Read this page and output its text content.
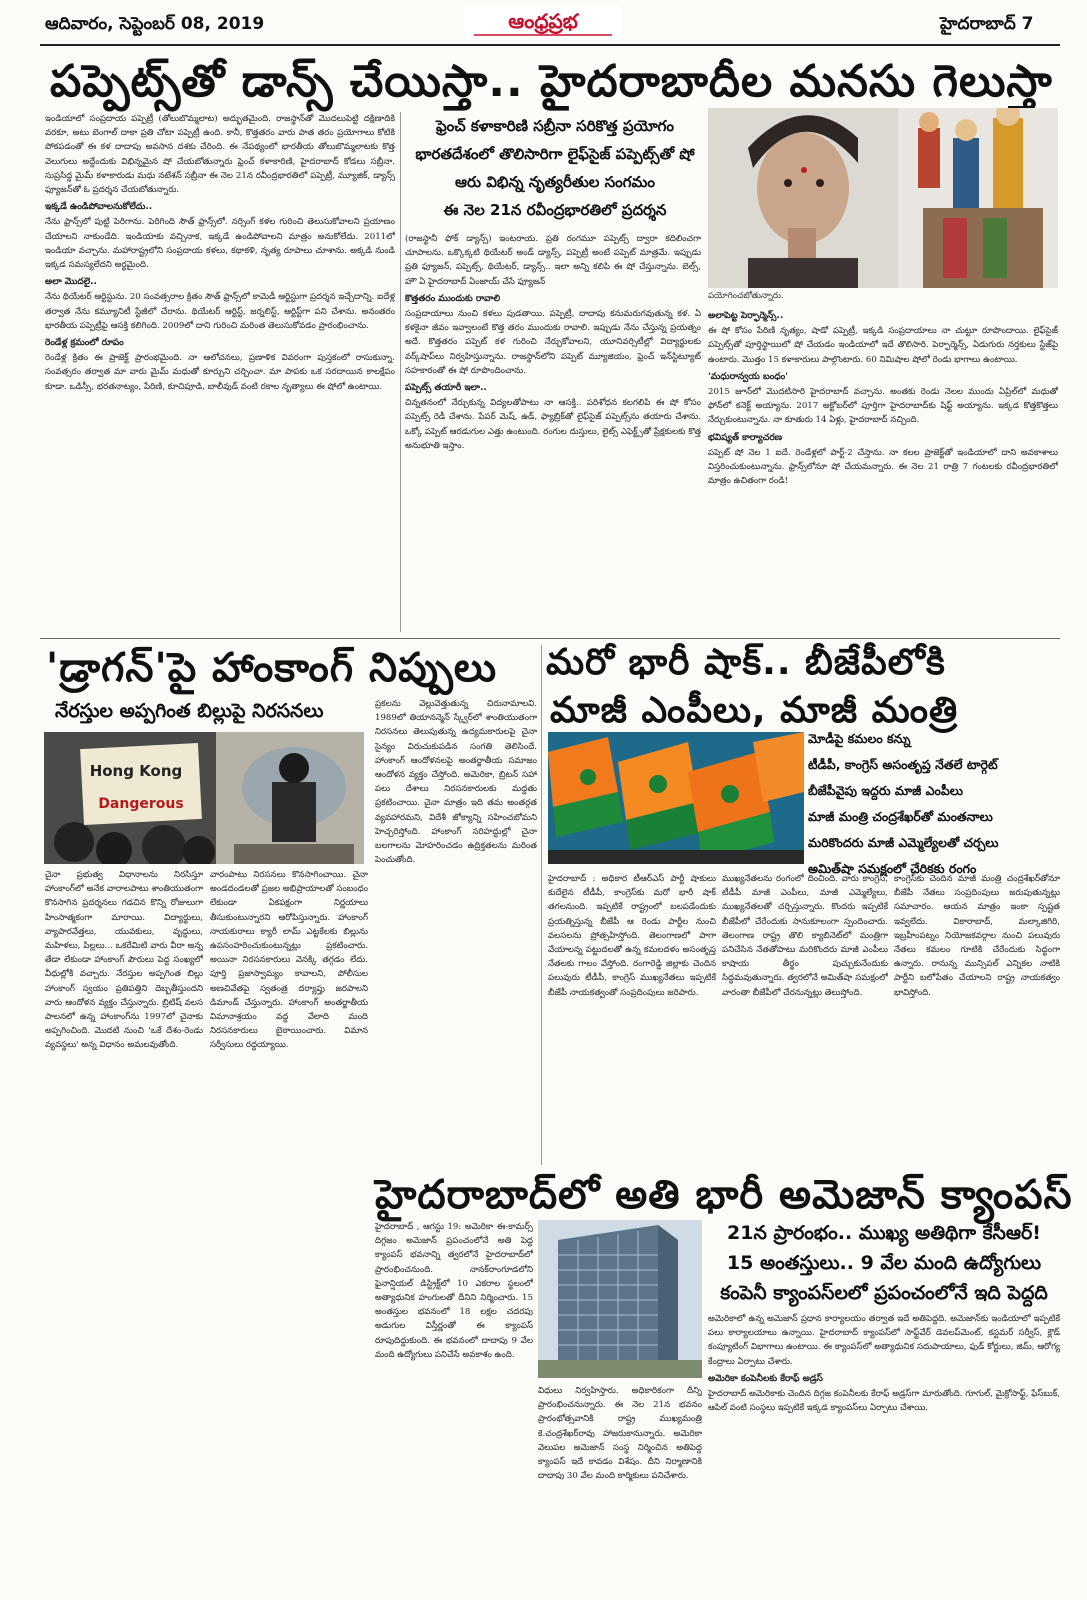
ఆదివారం, సెప్టెంబర్ 08, 2019	ఆంధ్రప్రభ	హైదరాబాద్ 7
పప్పెట్స్‌తో డాన్స్ చేయిస్తా.. హైదరాబాదీల మనసు గెలుస్తా
ఇండియాలో సంప్రదాయ పప్పెట్రీ (తోలుబొమ్మలాట) అద్భుతమైంది. రాజస్థాన్‌తో మొదలుపెట్టి దక్షిణాదికి వరకూ, అటు బెంగాల్ దాకా ప్రతి చోటా పప్పెట్రీ ఉంది. కానీ, కొత్తతరం వారు పాత తరం ప్రయోగాలు కోటికి పోకపడంతో ఈ కళ దాదాపు అవసాన దశకు చేరింది. ఈ నేపథ్యంలో భారతీయ తోలుబొమ్మలాటకు కొత్త వెలుగులు అద్దేందుకు విభిన్నమైన షో చేయబోతున్నారు ఫ్రెంచ్ కళాకారిణి, హైదరాబాద్ కోడలు సబ్రీనా. సుప్రసిద్ధ మైమ్ కళాకారుడు మధు నటేశన్ సబ్రీనా ఈ నెల 21న రవీంద్రభారతిలో పప్పెట్రీ, మ్యూజిక్, డ్యాన్స్ ఫ్యూజన్‌తో ఓ ప్రదర్శన చేయబోతున్నారు.
ఇక్కడే ఉండిపోవాలనుకోలేదు..
నేను ఫ్రాన్స్‌లో పుట్టి పెరిగాను. పెరిగింది సౌత్ ఫ్రాన్స్‌లో. నర్సింగ్ కళల గురించి తెలుసుకోవాలని ప్రయాణం చేయాలని నాకుండేది. ఇండియాకు వచ్చినాక, ఇక్కడే ఉండిపోవాలని మాత్రం అనుకోలేదు. 2011లో ఇండియా వచ్చాను. మహారాష్ట్రలోని సంప్రదాయ కళలు, కథాకళి, నృత్య రూపాలు చూశాను. అక్కడి నుండి ఇక్కడ సమస్యలేదని అర్థమైంది.
అలా మొదలై..
నేను థియేటర్ ఆర్టిస్టును. 20 సంవత్సరాల క్రితం సౌత్ ఫ్రాన్స్‌లో కామెడీ ఆర్టిస్టుగా ప్రదర్శన ఇచ్చేదాన్ని. ఐదేళ్ల తర్వాత నేను కమ్యూనిటీ స్టేజీలో చేరాను. థియేటర్ ఆర్టిస్ట్, జర్నలిస్ట్, ఆర్టిస్ట్‌గా పని చేశాను. అనంతరం భారతీయ పప్పెట్రీపై ఆసక్తి కలిగింది. 2009లో దాని గురించి మరింత తెలుసుకోవడం ప్రారంభించాను.
రెండేళ్ల క్రమంలో రూపం
రెండేళ్ల క్రితం ఈ ప్రాజెక్ట్ ప్రారంభమైంది. నా ఆలోచనలు, ప్రణాళిక వివరంగా పుస్తకంలో రాసుకున్నా. సంవత్సరం తర్వాత మా వారు మైమ్ మధుతో కూర్చుని చర్చించా. మా పాపకు ఒక సరదాయిన కాలక్షేపం కూడా. ఒడిస్సీ, భరతనాట్యం, పేరిణి, కూచిపూడి, బాలీవుడ్ వంటి రకాల నృత్యాలు ఈ షోలో ఉంటాయి.
ఫ్రెంచ్ కళాకారిణి సబ్రీనా సరికొత్త ప్రయోగం
భారతదేశంలో తొలిసారిగా లైఫ్‌సైజ్ పప్పెట్స్‌తో షో
ఆరు విభిన్న నృత్యరీతుల సంగమం
ఈ నెల 21న రవీంద్రభారతిలో ప్రదర్శన
(రాజస్థానీ ఫోక్ డ్యాన్స్) ఇంటరాయ. ప్రతి రంగమూ పప్పెట్స్ ద్వారా కదిలించగా చూపాలను. ఒక్కొక్కటి థియేటర్ అండ్ డ్యాన్స్, పప్పెట్రీ అంటే పప్పెట్ మాత్రమే. ఇప్పుడు ప్రతి ఫ్యూజన్, పప్పెట్స్, థియేటర్, డ్యాన్స్.. ఇలా అన్ని కలిపి ఈ షో చేస్తున్నాను. బెల్స్, హౌ ఏ హైదరాబాద్ ఏంజాయ్ చేసే ఫ్యూజన్
కొత్తతరం ముందుకు రావాలి
సంప్రదాయాలు నుంచి కళలు పుడతాయి. పప్పెట్రీ, దాదాపు కనుమరుగవుతున్న కళ. ఏ కళకైనా జీవం ఇవ్వాలంటే కొత్త తరం ముందుకు రావాలి. ఇప్పుడు నేను చేస్తున్న ప్రయత్నం అదే. కొత్తతరం పప్పెట్‌ కళ గురించి నేర్చుకోవాలని, యూనివర్సిటీల్లో విద్యార్థులకు వర్క్‌షాప్‌లు నిర్వహిస్తున్నాను. రాజస్థాన్‌లోని పప్పెట్ మ్యూజియం, ఫ్రెంచ్ ఇన్‌స్టిట్యూట్ సహకారంతో ఈ షో రూపొందించాను.
పప్పెట్స్ తయారీ ఇలా..
చిన్నతనంలో నేర్చుకున్న విద్యలతోపాటు నా ఆసక్తి.. పరిశోధన కలగలిపి ఈ షో కోసం పప్పెట్స్ రెడీ చేశాను. పేపర్ మెష్, ఉడ్, ఫ్యాబ్రిక్‌తో లైఫ్‌సైజ్ పప్పెట్స్‌ను తయారు చేశాను. ఒక్కో పప్పెట్ ఆరడుగుల ఎత్తు ఉంటుంది. రంగుల దుస్తులు, లైట్స్ ఎఫెక్ట్స్‌తో ప్రేక్షకులకు కొత్త అనుభూతి ఇస్తాం.
పయోగించబోతున్నారు.
అలాపెట్ట పెర్ఫార్మెన్స్..
ఈ షో కోసం పేరిణి నృత్యం, షాడో పప్పెట్రీ, ఇక్కడి సంప్రదాయాలు నా చుట్టూ రూపొందాయి. లైఫ్‌సైజ్ పప్పెట్స్‌తో పూర్తిస్థాయిలో షో చేయడం ఇండియాలో ఇదే తొలిసారి. పెర్ఫార్మెన్స్, ఏడుగురు నర్తకులు స్టేజ్‌పై ఉంటారు. మొత్తం 15 కళాకారులు పాల్గొంటారు. 60 నిమిషాల షోలో రెండు భాగాలు ఉంటాయి.
'మధురాన్వయ బంధం'
2015 జూన్‌లో మొదటిసారి హైదరాబాద్ వచ్చాను. అంతకు రెండు నెలల ముందు ఏప్రిల్‌లో మధుతో ఫోన్‌లో కనెక్ట్ అయ్యాను. 2017 అక్టోబర్‌లో పూర్తిగా హైదరాబాద్‌కు షిఫ్ట్ అయ్యాను. ఇక్కడ కొత్తకొత్తలు నేర్చుకుంటున్నాను. నా కూతురు 14 ఏళ్లు, హైదరాబాద్ నచ్చింది.
భవిష్యత్ కార్యాచరణ
పప్పెట్ షో నెల 1 ఐదే. రెండేళ్లలో పార్ట్-2 చేస్తాను. నా కలల ప్రాజెక్ట్‌తో ఇండియాలో దాని అవకాశాలు విస్తరించుకుంటున్నాను. ఫ్రాన్స్‌లోనూ షో చేయమన్నారు. ఈ నెల 21 రాత్రి 7 గంటలకు రవీంద్రభారతిలో మాత్రం ఉచితంగా రండి!
'డ్రాగన్'పై హాంకాంగ్ నిప్పులు
నేరస్తుల అప్పగింత బిల్లుపై నిరసనలు
Hong Kong
Dangerous
చైనా ప్రభుత్వ విధానాలను నిరసిస్తూ హాంకాంగ్‌లో అనేక వారాలపాటు శాంతియుతంగా కొనసాగిన ప్రదర్శనలు గడచిన కొన్ని రోజులుగా హింసాత్మకంగా మారాయి. విద్యార్థులు, వ్యాపారవేత్తలు, యువకులు, వృద్ధులు, మహిళలు, పిల్లలు... ఒకరేమిటి వారు వీరా అన్న తేడా లేకుండా హాంకాంగ్ పౌరులు పెద్ద సంఖ్యలో వీధుల్లోకి వచ్చారు. నేరస్తుల అప్పగింత బిల్లు హాంకాంగ్ స్వయం ప్రతిపత్తిని దెబ్బతీస్తుందని వారు ఆందోళన వ్యక్తం చేస్తున్నారు. బ్రిటిష్ వలస పాలనలో ఉన్న హాంకాంగ్‌ను 1997లో చైనాకు అప్పగించింది. మొదటి నుంచి 'ఒకే దేశం-రెండు వ్యవస్థలు' అన్న విధానం అమలవుతోంది.
వారంపాటు నిరసనలు కొనసాగించాయి. చైనా అండదండలతో ప్రజల అభిప్రాయాలతో సంబంధం లేకుండా ఏకపక్షంగా నిర్ణయాలు తీసుకుంటున్నారని ఆరోపిస్తున్నారు. హాంకాంగ్ నాయకురాలు క్యారీ లామ్ ఎట్టకేలకు బిల్లును ఉపసంహరించుకుంటున్నట్లు ప్రకటించారు. అయినా నిరసనకారులు వెనక్కి తగ్గడం లేదు. పూర్తి ప్రజాస్వామ్యం కావాలని, పోలీసుల అణచివేతపై స్వతంత్ర దర్యాప్తు జరపాలని డిమాండ్ చేస్తున్నారు. హాంకాంగ్ అంతర్జాతీయ విమానాశ్రయం వద్ద వేలాది మంది నిరసనకారులు బైఠాయించారు. విమాన సర్వీసులు రద్దయ్యాయి.
ప్రకలను వెల్లువెత్తుతున్న చిరునామాలవి. 1989లో తియానన్మెన్ స్క్వేర్‌లో శాంతియుతంగా నిరసనలు తెలుపుతున్న ఉద్యమకారులపై చైనా సైన్యం విరుచుకుపడిన సంగతి తెలిసిందే. హాంకాంగ్ ఆందోళనలపై అంతర్జాతీయ సమాజం ఆందోళన వ్యక్తం చేస్తోంది. అమెరికా, బ్రిటన్ సహా పలు దేశాలు నిరసనకారులకు మద్దతు ప్రకటించాయి. చైనా మాత్రం ఇది తమ అంతర్గత వ్యవహారమని, విదేశీ జోక్యాన్ని సహించబోమని హెచ్చరిస్తోంది. హాంకాంగ్ సరిహద్దుల్లో చైనా బలగాలను మోహరించడం ఉద్రిక్తతలను మరింత పెంచుతోంది.
మరో భారీ షాక్.. బీజేపీలోకి
మాజీ ఎంపీలు, మాజీ మంత్రి
మోడీపై కమలం కన్ను
టీడీపీ, కాంగ్రెస్ అసంతృప్త నేతలే టార్గెట్
బీజేపీవైపు ఇద్దరు మాజీ ఎంపీలు
మాజీ మంత్రి చంద్రశేఖర్‌తో మంతనాలు
మరికొందరు మాజీ ఎమ్మెల్యేలతో చర్చలు
అమిత్‌షా సమక్షంలో చేరికకు రంగం
హైదరాబాద్ : అధికార టీఆర్ఎస్ పార్టీ షాకులు కుదేలైన టీడీపీ, కాంగ్రెస్‌కు మరో భారీ షాక్ తగలనుంది. ఇప్పటికే రాష్ట్రంలో బలపడేందుకు ప్రయత్నిస్తున్న బీజేపీ ఆ రెండు పార్టీల నుంచి వలసలను ప్రోత్సహిస్తోంది. తెలంగాణలో పాగా వేయాలన్న పట్టుదలతో ఉన్న కమలదళం అసంతృప్త నేతలకు గాలం వేస్తోంది. రంగారెడ్డి జిల్లాకు చెందిన పలువురు టీడీపీ, కాంగ్రెస్ ముఖ్యనేతలు ఇప్పటికే బీజేపీ నాయకత్వంతో సంప్రదింపులు జరిపారు.
ముఖ్యనేతలను రంగంలో దించింది. వారు కాంగ్రెస్, టీడీపీ మాజీ ఎంపీలు, మాజీ ఎమ్మెల్యేలు, ముఖ్యనేతలతో చర్చిస్తున్నారు. కొందరు ఇప్పటికే బీజేపీలో చేరేందుకు సానుకూలంగా స్పందించారు. తెలంగాణ రాష్ట్ర తొలి క్యాబినెట్‌లో మంత్రిగా పనిచేసిన నేతతోపాటు మరికొందరు మాజీ ఎంపీలు కాషాయ తీర్థం పుచ్చుకునేందుకు సిద్ధమవుతున్నారు. త్వరలోనే అమిత్‌షా సమక్షంలో వారంతా బీజేపీలో చేరనున్నట్లు తెలుస్తోంది.
కాంగ్రెస్‌కు చెందిన మాజీ మంత్రి చంద్రశేఖర్‌తోనూ బీజేపీ నేతలు సంప్రదింపులు జరుపుతున్నట్లు సమాచారం. ఆయన మాత్రం ఇంకా స్పష్టత ఇవ్వలేదు. వికారాబాద్, మల్కాజిగిరి, ఇబ్రహీంపట్నం నియోజకవర్గాల నుంచి పలువురు నేతలు కమలం గూటికి చేరేందుకు సిద్ధంగా ఉన్నారు. రానున్న మున్సిపల్ ఎన్నికల నాటికి పార్టీని బలోపేతం చేయాలని రాష్ట్ర నాయకత్వం భావిస్తోంది.
హైదరాబాద్‌లో అతి భారీ అమెజాన్ క్యాంపస్
21న ప్రారంభం.. ముఖ్య అతిథిగా కేసీఆర్!
15 అంతస్తులు.. 9 వేల మంది ఉద్యోగులు
కంపెనీ క్యాంపస్‌లలో ప్రపంచంలోనే ఇది పెద్దది
హైదరాబాద్ , ఆగస్టు 19: అమెరికా ఈ-కామర్స్ దిగ్గజం అమెజాన్ ప్రపంచంలోనే అతి పెద్ద క్యాంపస్ భవనాన్ని త్వరలోనే హైదరాబాద్‌లో ప్రారంభించనుంది. నానక్‌రాంగూడలోని ఫైనాన్షియల్ డిస్ట్రిక్ట్‌లో 10 ఎకరాల స్థలంలో అత్యాధునిక హంగులతో దీనిని నిర్మించారు. 15 అంతస్తుల భవనంలో 18 లక్షల చదరపు అడుగుల విస్తీర్ణంతో ఈ క్యాంపస్ రూపుదిద్దుకుంది. ఈ భవనంలో దాదాపు 9 వేల మంది ఉద్యోగులు పనిచేసే అవకాశం ఉంది.
విధులు నిర్వహిస్తారు. అధికారికంగా దీన్ని ప్రారంభించనున్నారు. ఈ నెల 21న భవనం ప్రారంభోత్సవానికి రాష్ట్ర ముఖ్యమంత్రి కె.చంద్రశేఖర్‌రావు హాజరుకానున్నారు. అమెరికా వెలుపల అమెజాన్ సంస్థ నిర్మించిన అతిపెద్ద క్యాంపస్ ఇదే కావడం విశేషం. దీని నిర్మాణానికి దాదాపు 30 వేల మంది కార్మికులు పనిచేశారు.
అమెరికాలో ఉన్న అమెజాన్ ప్రధాన కార్యాలయం తర్వాత ఇదే అతిపెద్దది. అమెజాన్‌కు ఇండియాలో ఇప్పటికే పలు కార్యాలయాలు ఉన్నాయి. హైదరాబాద్ క్యాంపస్‌లో సాఫ్ట్‌వేర్ డెవలప్‌మెంట్, కస్టమర్ సర్వీస్, క్లౌడ్ కంప్యూటింగ్ విభాగాలు ఉంటాయి. ఈ క్యాంపస్‌లో అత్యాధునిక సదుపాయాలు, ఫుడ్ కోర్టులు, జిమ్, ఆరోగ్య కేంద్రాలు ఏర్పాటు చేశారు.
అమెరికా కంపెనీలకు కేరాఫ్ అడ్రస్
హైదరాబాద్ అమెరికాకు చెందిన దిగ్గజ కంపెనీలకు కేరాఫ్ అడ్రస్‌గా మారుతోంది. గూగుల్, మైక్రోసాఫ్ట్, ఫేస్‌బుక్, ఆపిల్ వంటి సంస్థలు ఇప్పటికే ఇక్కడ క్యాంపస్‌లు ఏర్పాటు చేశాయి.
